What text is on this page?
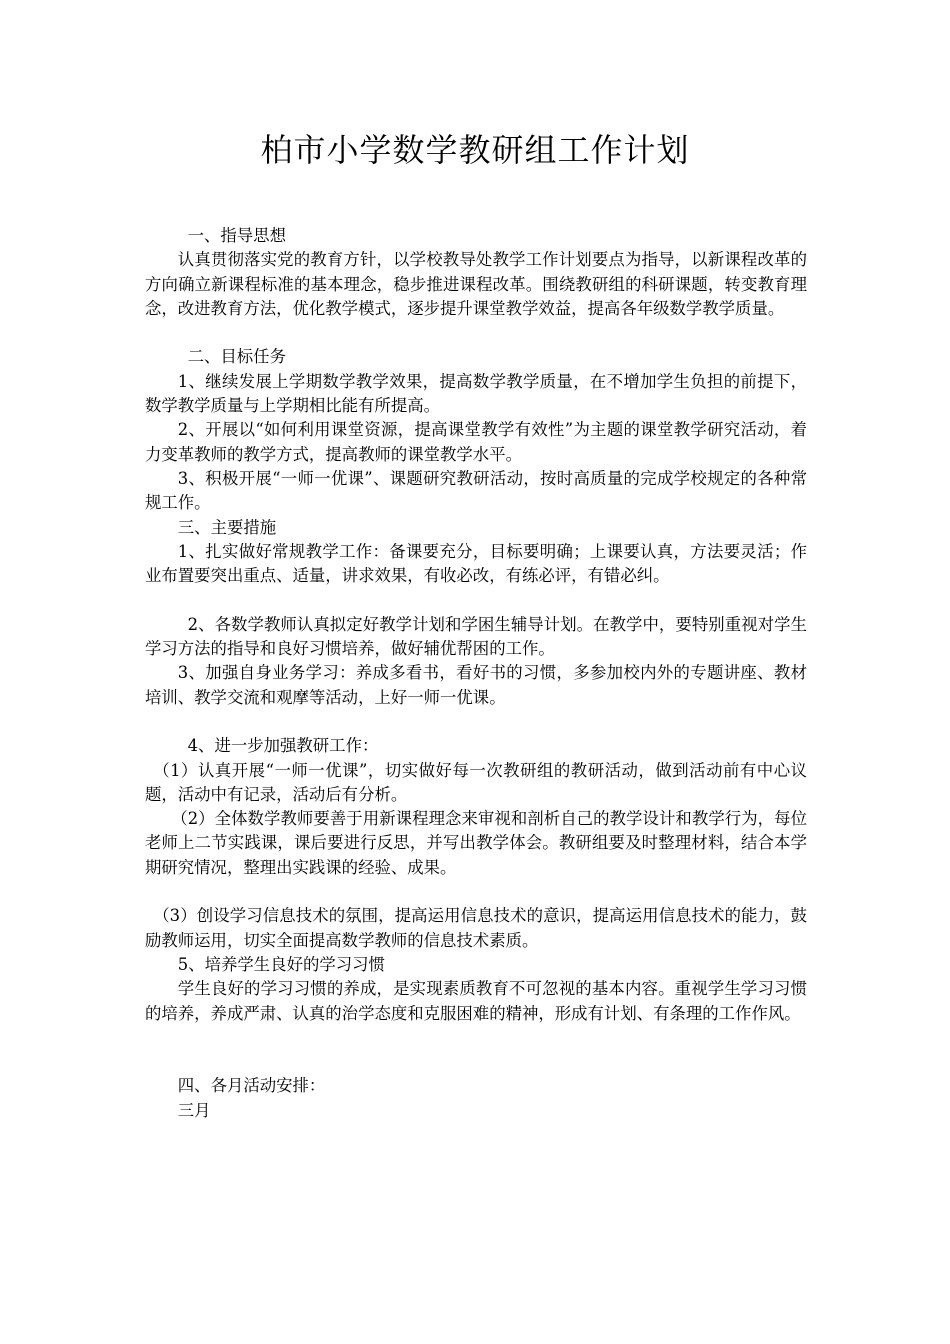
柏市小学数学教研组工作计划

一、指导思想

认真贯彻落实党的教育方针，以学校教导处教学工作计划要点为指导，以新课程改革的方向确立新课程标准的基本理念，稳步推进课程改革。围绕教研组的科研课题，转变教育理念，改进教育方法，优化教学模式，逐步提升课堂教学效益，提高各年级数学教学质量。

二、目标任务

1、继续发展上学期数学教学效果，提高数学教学质量，在不增加学生负担的前提下，数学教学质量与上学期相比能有所提高。

2、开展以“如何利用课堂资源，提高课堂教学有效性”为主题的课堂教学研究活动，着力变革教师的教学方式，提高教师的课堂教学水平。

3、积极开展“一师一优课”、课题研究教研活动，按时高质量的完成学校规定的各种常规工作。

三、主要措施

1、扎实做好常规教学工作：备课要充分，目标要明确；上课要认真，方法要灵活；作业布置要突出重点、适量，讲求效果，有收必改，有练必评，有错必纠。

2、各数学教师认真拟定好教学计划和学困生辅导计划。在教学中，要特别重视对学生学习方法的指导和良好习惯培养，做好辅优帮困的工作。

3、加强自身业务学习：养成多看书，看好书的习惯，多参加校内外的专题讲座、教材培训、教学交流和观摩等活动，上好一师一优课。

4、进一步加强教研工作：

（1）认真开展“一师一优课”，切实做好每一次教研组的教研活动，做到活动前有中心议题，活动中有记录，活动后有分析。

（2）全体数学教师要善于用新课程理念来审视和剖析自己的教学设计和教学行为，每位老师上二节实践课，课后要进行反思，并写出教学体会。教研组要及时整理材料，结合本学期研究情况，整理出实践课的经验、成果。

（3）创设学习信息技术的氛围，提高运用信息技术的意识，提高运用信息技术的能力，鼓励教师运用，切实全面提高数学教师的信息技术素质。

5、培养学生良好的学习习惯

学生良好的学习习惯的养成，是实现素质教育不可忽视的基本内容。重视学生学习习惯的培养，养成严肃、认真的治学态度和克服困难的精神，形成有计划、有条理的工作作风。

四、各月活动安排：

三月
